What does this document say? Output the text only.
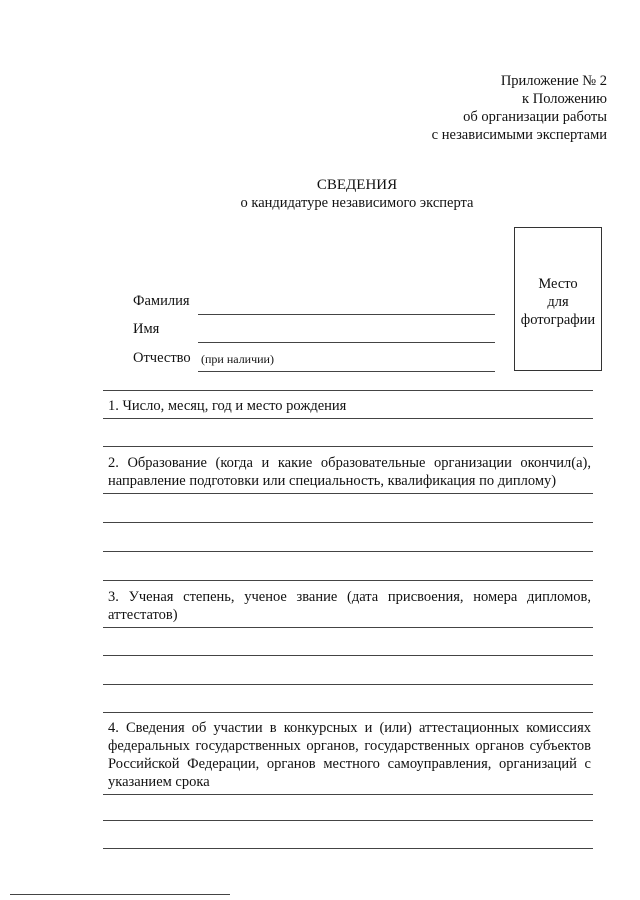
Приложение № 2
к Положению
об организации работы
с независимыми экспертами
СВЕДЕНИЯ
о кандидатуре независимого эксперта
Место
для
фотографии
Фамилия
Имя
Отчество (при наличии)
1. Число, месяц, год и место рождения
2. Образование (когда и какие образовательные организации окончил(а), направление подготовки или специальность, квалификация по диплому)
3. Ученая степень, ученое звание (дата присвоения, номера дипломов, аттестатов)
4. Сведения об участии в конкурсных и (или) аттестационных комиссиях федеральных государственных органов, государственных органов субъектов Российской Федерации, органов местного самоуправления, организаций с указанием срока
